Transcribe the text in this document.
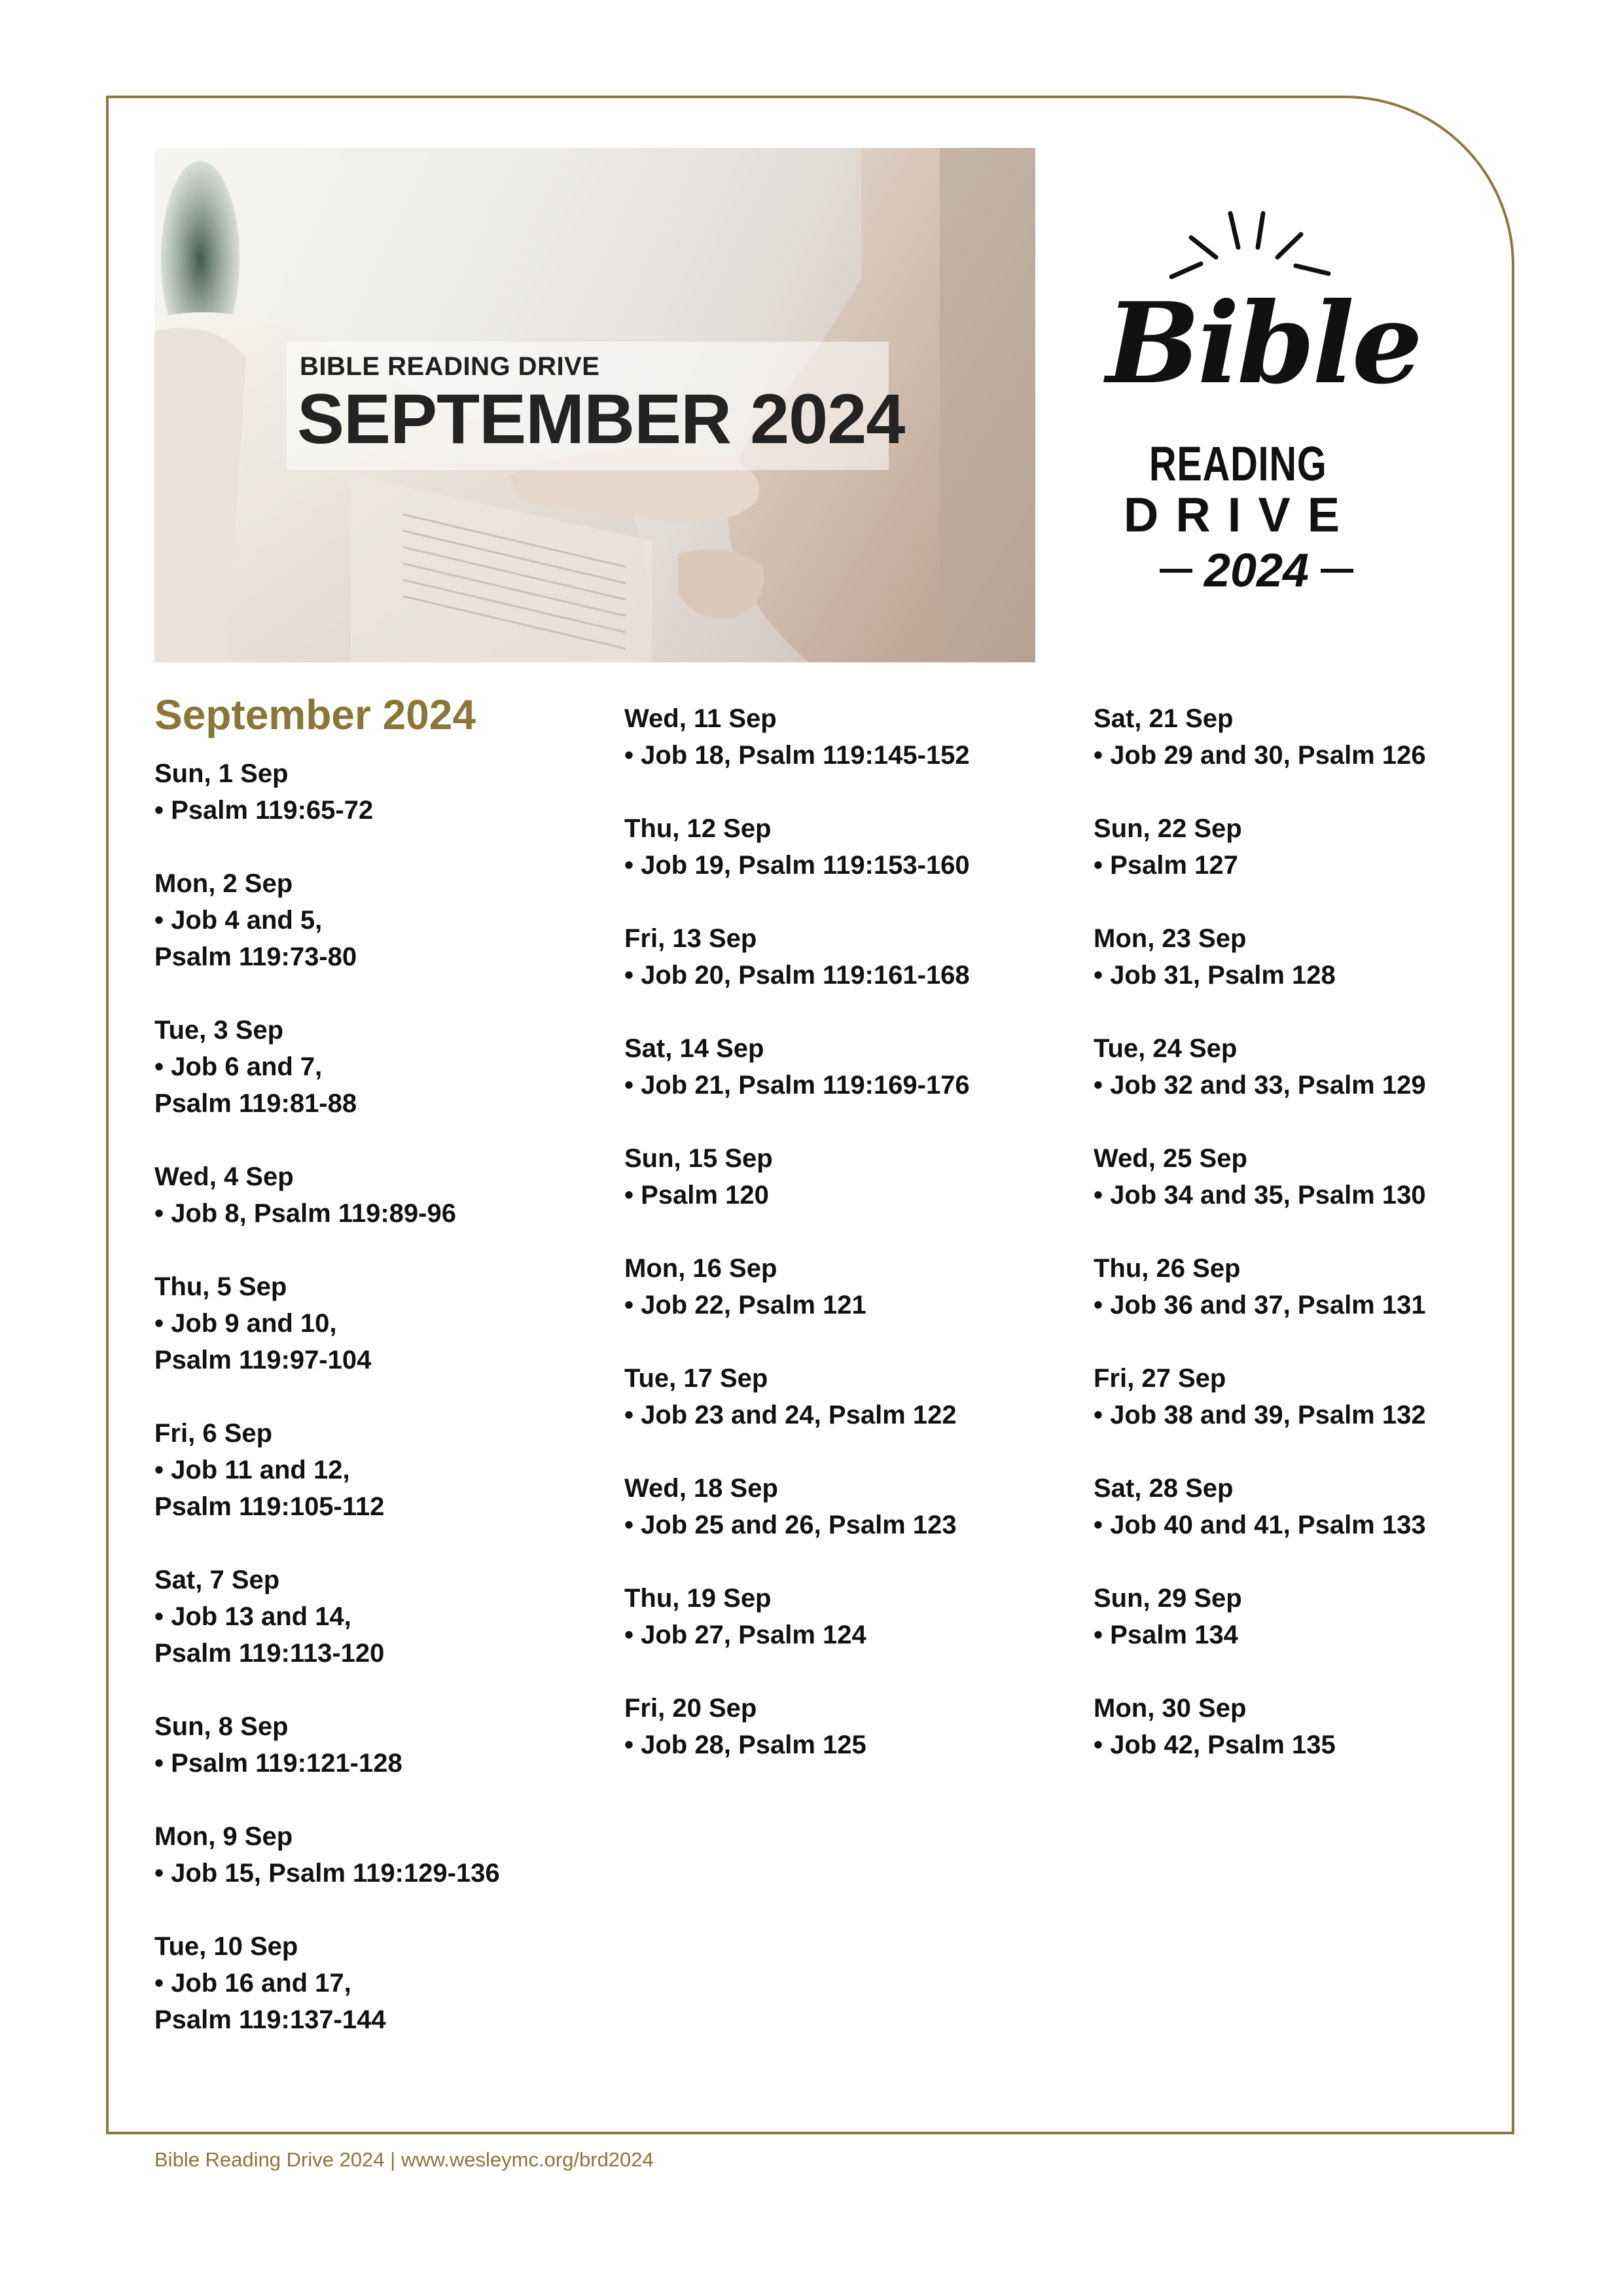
BIBLE READING DRIVE
SEPTEMBER 2024
Bible
READING
DRIVE
2024
September 2024
Sun, 1 Sep
• Psalm 119:65-72
Mon, 2 Sep
• Job 4 and 5,
Psalm 119:73-80
Tue, 3 Sep
• Job 6 and 7,
Psalm 119:81-88
Wed, 4 Sep
• Job 8, Psalm 119:89-96
Thu, 5 Sep
• Job 9 and 10,
Psalm 119:97-104
Fri, 6 Sep
• Job 11 and 12,
Psalm 119:105-112
Sat, 7 Sep
• Job 13 and 14,
Psalm 119:113-120
Sun, 8 Sep
• Psalm 119:121-128
Mon, 9 Sep
• Job 15, Psalm 119:129-136
Tue, 10 Sep
• Job 16 and 17,
Psalm 119:137-144
Wed, 11 Sep
• Job 18, Psalm 119:145-152
Thu, 12 Sep
• Job 19, Psalm 119:153-160
Fri, 13 Sep
• Job 20, Psalm 119:161-168
Sat, 14 Sep
• Job 21, Psalm 119:169-176
Sun, 15 Sep
• Psalm 120
Mon, 16 Sep
• Job 22, Psalm 121
Tue, 17 Sep
• Job 23 and 24, Psalm 122
Wed, 18 Sep
• Job 25 and 26, Psalm 123
Thu, 19 Sep
• Job 27, Psalm 124
Fri, 20 Sep
• Job 28, Psalm 125
Sat, 21 Sep
• Job 29 and 30, Psalm 126
Sun, 22 Sep
• Psalm 127
Mon, 23 Sep
• Job 31, Psalm 128
Tue, 24 Sep
• Job 32 and 33, Psalm 129
Wed, 25 Sep
• Job 34 and 35, Psalm 130
Thu, 26 Sep
• Job 36 and 37, Psalm 131
Fri, 27 Sep
• Job 38 and 39, Psalm 132
Sat, 28 Sep
• Job 40 and 41, Psalm 133
Sun, 29 Sep
• Psalm 134
Mon, 30 Sep
• Job 42, Psalm 135
Bible Reading Drive 2024 | www.wesleymc.org/brd2024
